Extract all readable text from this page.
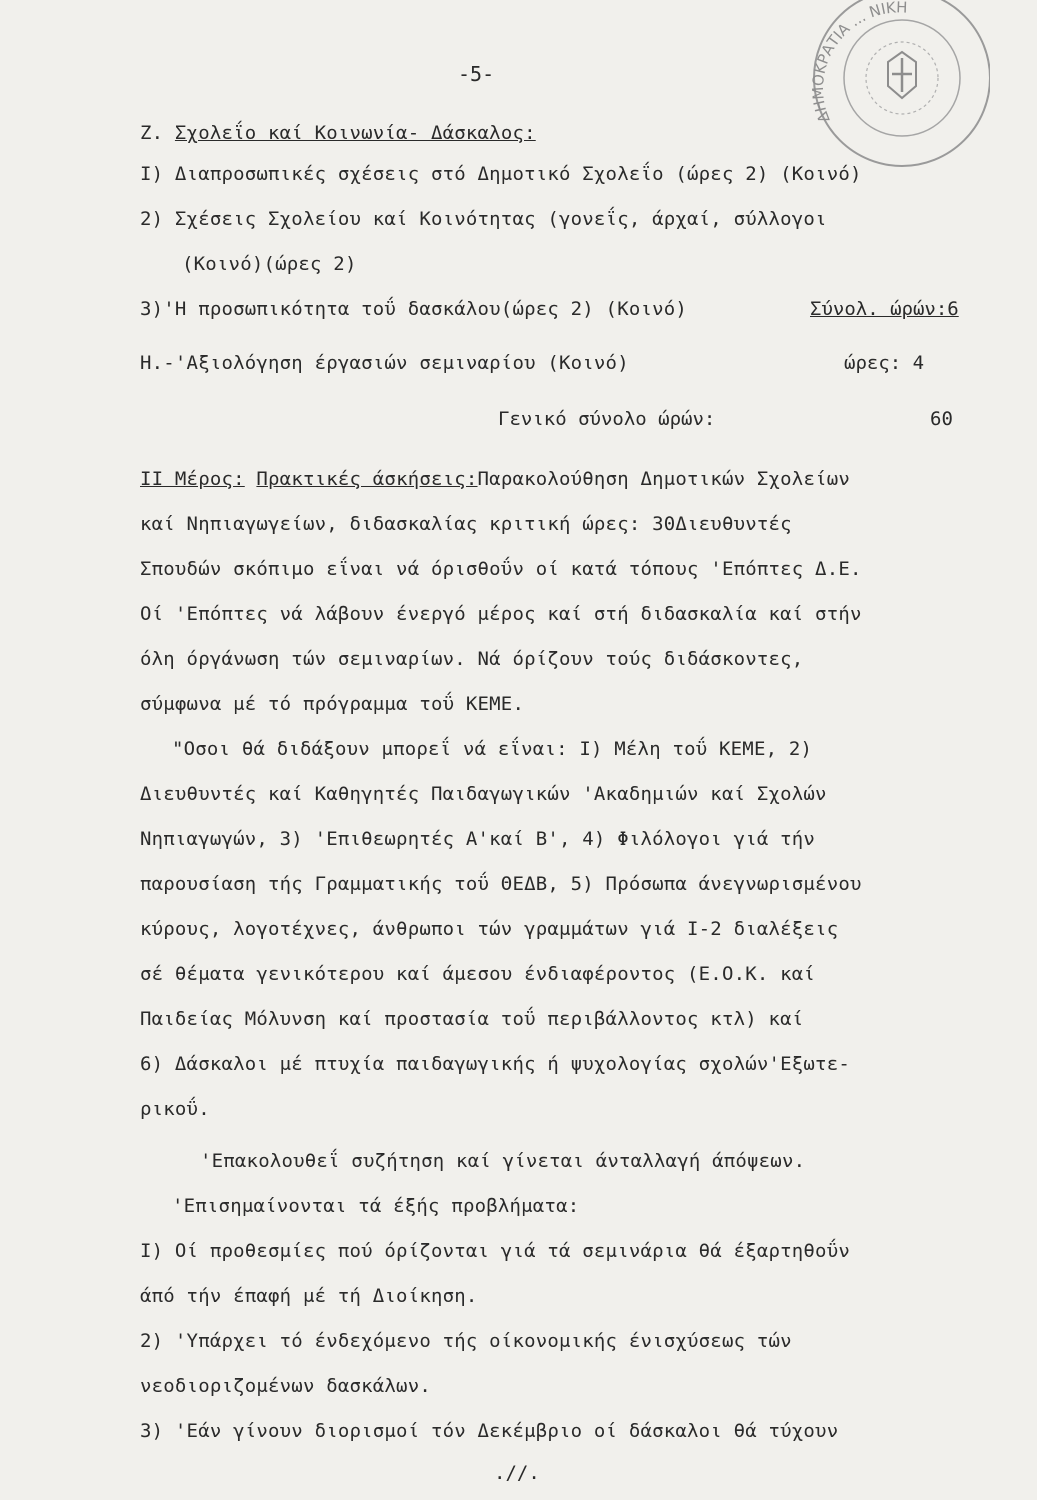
ΔΗΜΟΚΡΑΤΙΑ ... ΝΙΚΗ
-5-
Z. Σχολεΐο καί Κοινωνία- Δάσκαλος:
I) Διαπροσωπικές σχέσεις στό Δημοτικό Σχολεΐο (ώρες 2) (Κοινό)
2) Σχέσεις Σχολείου καί Κοινότητας (γονεΐς, άρχαί, σύλλογοι
(Κοινό)(ώρες 2)
3)'Η προσωπικότητα τοΰ δασκάλου(ώρες 2) (Κοινό)	Σύνολ. ώρών:6
Η.-'Αξιολόγηση έργασιών σεμιναρίου (Κοινό)	ώρες: 4
Γενικό σύνολο ώρών:	60
ΙΙ Μέρος: Πρακτικές άσκήσεις:Παρακολούθηση Δημοτικών Σχολείων
καί Νηπιαγωγείων, διδασκαλίας κριτική ώρες: 30Διευθυντές
Σπουδών σκόπιμο εΐναι νά όρισθοΰν οί κατά τόπους 'Επόπτες Δ.Ε.
Οί 'Επόπτες νά λάβουν ένεργό μέρος καί στή διδασκαλία καί στήν
όλη όργάνωση τών σεμιναρίων. Νά όρίζουν τούς διδάσκοντες,
σύμφωνα μέ τό πρόγραμμα τοΰ ΚΕΜΕ.
"Οσοι θά διδάξουν μπορεΐ νά εΐναι: Ι) Μέλη τοΰ ΚΕΜΕ, 2)
Διευθυντές καί Καθηγητές Παιδαγωγικών 'Ακαδημιών καί Σχολών
Νηπιαγωγών, 3) 'Επιθεωρητές Α'καί Β', 4) Φιλόλογοι γιά τήν
παρουσίαση τής Γραμματικής τοΰ ΘΕΔΒ, 5) Πρόσωπα άνεγνωρισμένου
κύρους, λογοτέχνες, άνθρωποι τών γραμμάτων γιά Ι-2 διαλέξεις
σέ θέματα γενικότερου καί άμεσου ένδιαφέροντος (Ε.Ο.Κ. καί
Παιδείας Μόλυνση καί προστασία τοΰ περιβάλλοντος κτλ) καί
6) Δάσκαλοι μέ πτυχία παιδαγωγικής ή ψυχολογίας σχολών'Εξωτε-
ρικοΰ.
'Επακολουθεΐ συζήτηση καί γίνεται άνταλλαγή άπόψεων.
'Επισημαίνονται τά έξής προβλήματα:
Ι) Οί προθεσμίες πού όρίζονται γιά τά σεμινάρια θά έξαρτηθοΰν
άπό τήν έπαφή μέ τή Διοίκηση.
2) 'Υπάρχει τό ένδεχόμενο τής οίκονομικής ένισχύσεως τών
νεοδιοριζομένων δασκάλων.
3) 'Εάν γίνουν διορισμοί τόν Δεκέμβριο οί δάσκαλοι θά τύχουν
.//.
